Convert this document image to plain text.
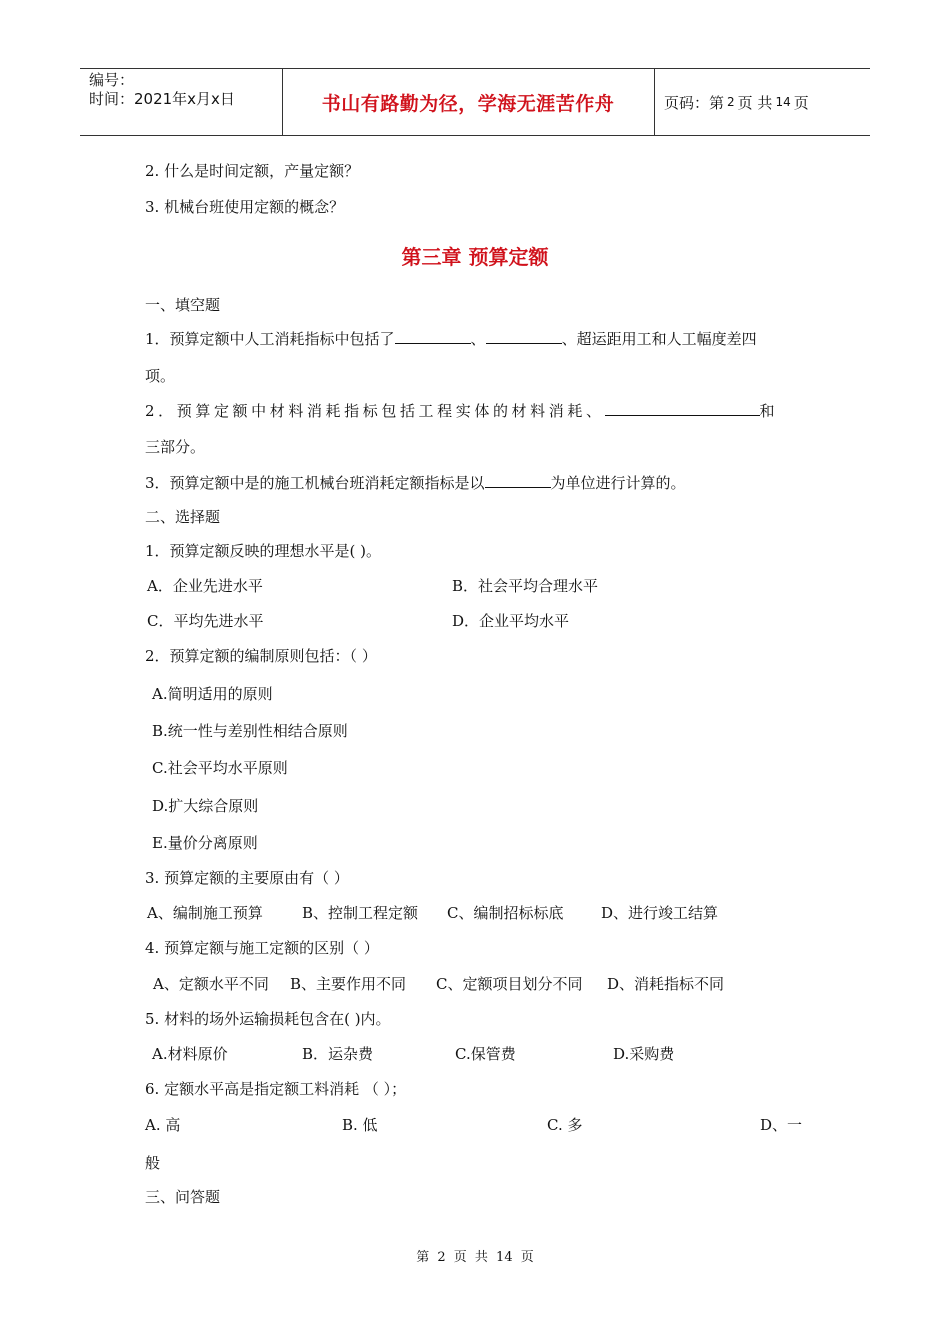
编号：
时间：2021年x月x日	书山有路勤为径，学海无涯苦作舟	页码：第 2 页 共 14 页
2. 什么是时间定额，产量定额？
3. 机械台班使用定额的概念？
第三章 预算定额
一、填空题
1．预算定额中人工消耗指标中包括了	、	、超运距用工和人工幅度差四
项。
2．预算定额中材料消耗指标包括工程实体的材料消耗、	和
三部分。
3．预算定额中是的施工机械台班消耗定额指标是以	为单位进行计算的。
二、选择题
1．预算定额反映的理想水平是( )。
A．企业先进水平	B．社会平均合理水平
C．平均先进水平	D．企业平均水平
2．预算定额的编制原则包括：（ ）
A.简明适用的原则
B.统一性与差别性相结合原则
C.社会平均水平原则
D.扩大综合原则
E.量价分离原则
3. 预算定额的主要原由有（ ）
A、编制施工预算	B、控制工程定额 C、编制招标标底	D、进行竣工结算
4. 预算定额与施工定额的区别（ ）
A、定额水平不同 B、主要作用不同 C、定额项目划分不同 D、消耗指标不同
5. 材料的场外运输损耗包含在( )内。
A.材料原价	B．运杂费	C.保管费	D.采购费
6. 定额水平高是指定额工料消耗 （ ）；
A. 高	B. 低	C. 多	D、一
般
三、问答题
第 2 页 共 14 页
